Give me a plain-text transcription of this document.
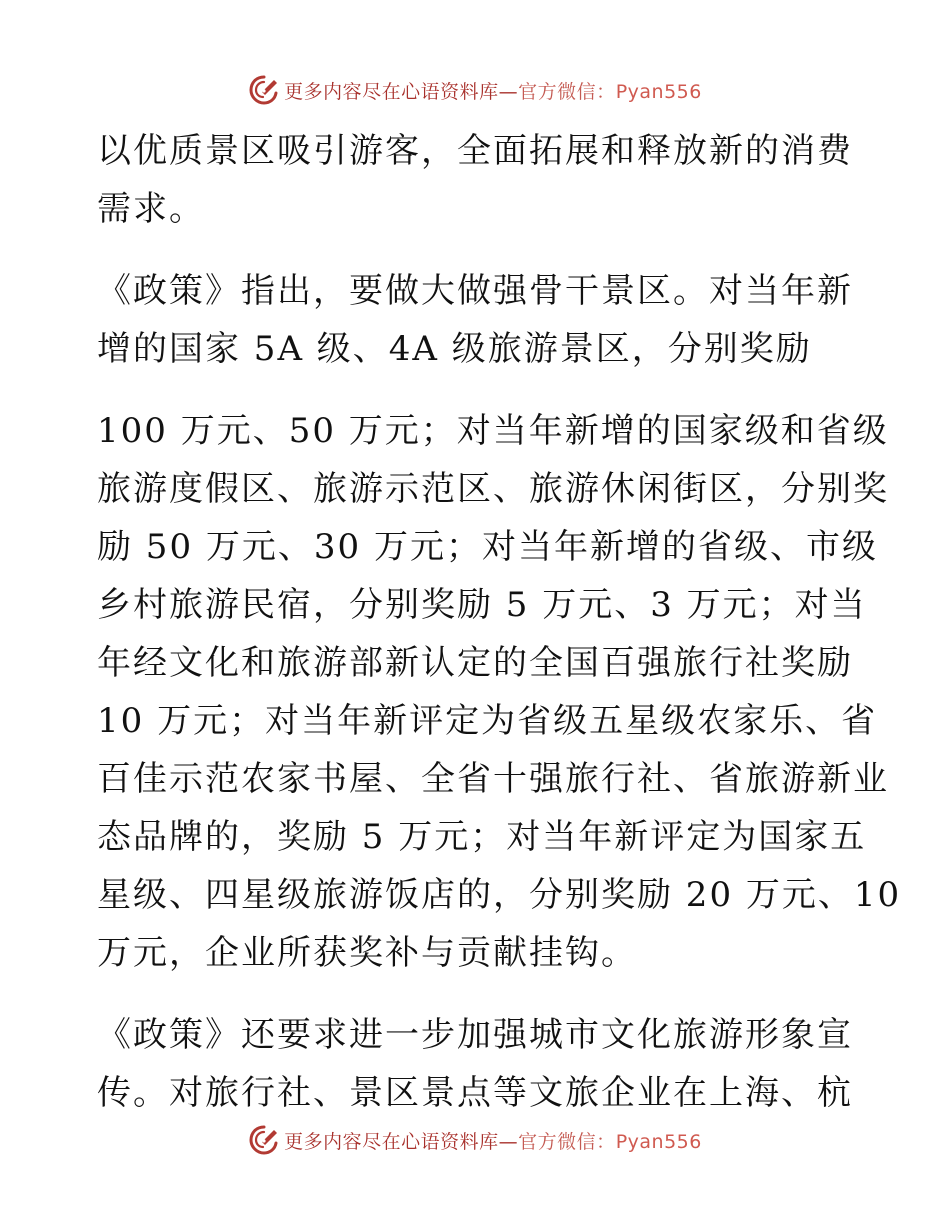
更多内容尽在心语资料库—官方微信：Pyan556
以优质景区吸引游客，全面拓展和释放新的消费
需求。
《政策》指出，要做大做强骨干景区。对当年新
增的国家 5A 级、4A 级旅游景区，分别奖励
100 万元、50 万元；对当年新增的国家级和省级
旅游度假区、旅游示范区、旅游休闲街区，分别奖
励 50 万元、30 万元；对当年新增的省级、市级
乡村旅游民宿，分别奖励 5 万元、3 万元；对当
年经文化和旅游部新认定的全国百强旅行社奖励
10 万元；对当年新评定为省级五星级农家乐、省
百佳示范农家书屋、全省十强旅行社、省旅游新业
态品牌的，奖励 5 万元；对当年新评定为国家五
星级、四星级旅游饭店的，分别奖励 20 万元、10
万元，企业所获奖补与贡献挂钩。
《政策》还要求进一步加强城市文化旅游形象宣
传。对旅行社、景区景点等文旅企业在上海、杭
更多内容尽在心语资料库—官方微信：Pyan556
